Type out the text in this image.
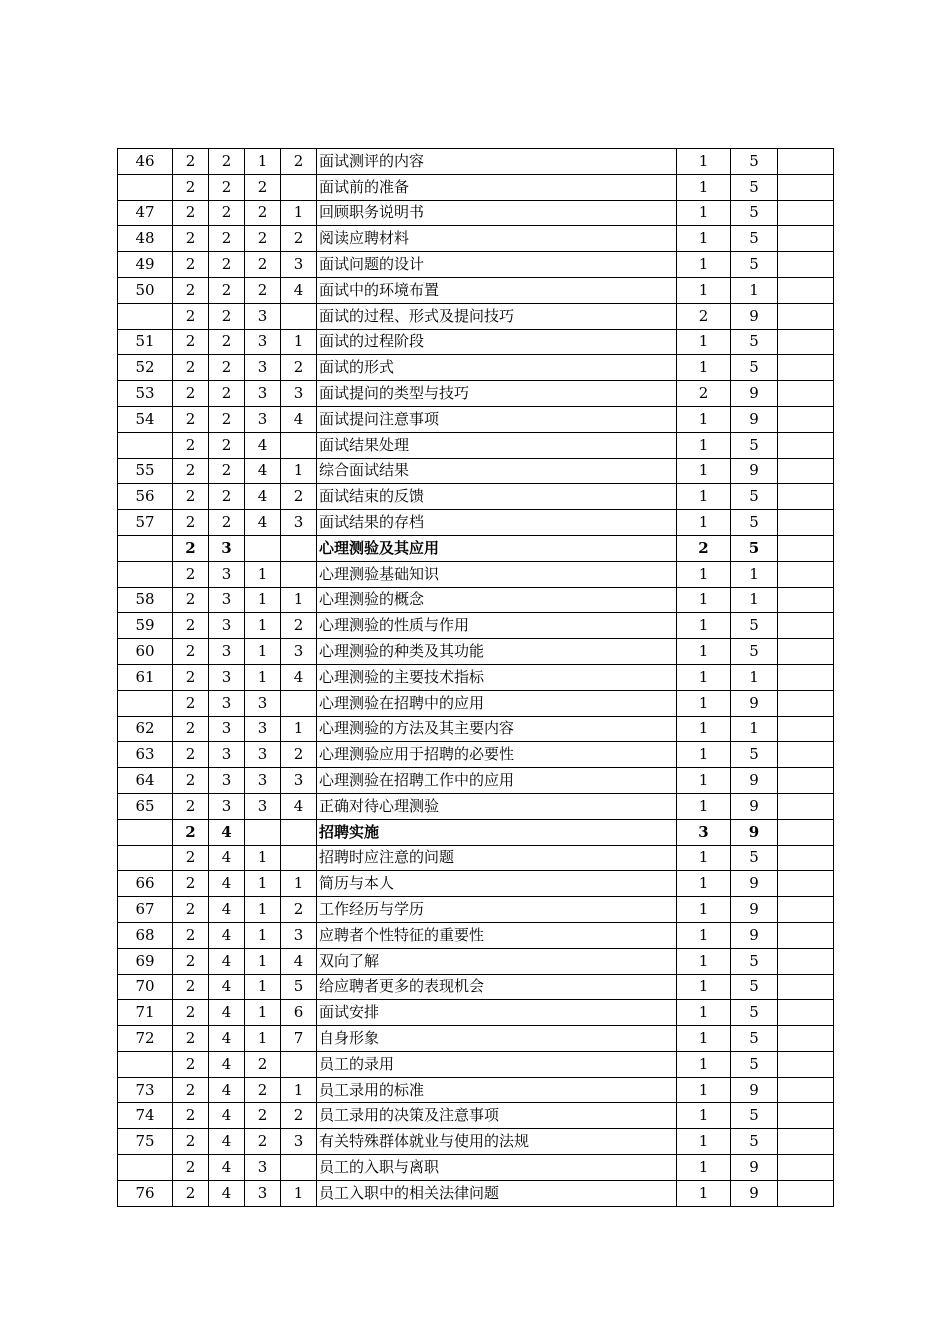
46	2	2	1	2	面试测评的内容	1	5	
	2	2	2		面试前的准备	1	5	
47	2	2	2	1	回顾职务说明书	1	5	
48	2	2	2	2	阅读应聘材料	1	5	
49	2	2	2	3	面试问题的设计	1	5	
50	2	2	2	4	面试中的环境布置	1	1	
	2	2	3		面试的过程、形式及提问技巧	2	9	
51	2	2	3	1	面试的过程阶段	1	5	
52	2	2	3	2	面试的形式	1	5	
53	2	2	3	3	面试提问的类型与技巧	2	9	
54	2	2	3	4	面试提问注意事项	1	9	
	2	2	4		面试结果处理	1	5	
55	2	2	4	1	综合面试结果	1	9	
56	2	2	4	2	面试结束的反馈	1	5	
57	2	2	4	3	面试结果的存档	1	5	
	2	3			心理测验及其应用	2	5	
	2	3	1		心理测验基础知识	1	1	
58	2	3	1	1	心理测验的概念	1	1	
59	2	3	1	2	心理测验的性质与作用	1	5	
60	2	3	1	3	心理测验的种类及其功能	1	5	
61	2	3	1	4	心理测验的主要技术指标	1	1	
	2	3	3		心理测验在招聘中的应用	1	9	
62	2	3	3	1	心理测验的方法及其主要内容	1	1	
63	2	3	3	2	心理测验应用于招聘的必要性	1	5	
64	2	3	3	3	心理测验在招聘工作中的应用	1	9	
65	2	3	3	4	正确对待心理测验	1	9	
	2	4			招聘实施	3	9	
	2	4	1		招聘时应注意的问题	1	5	
66	2	4	1	1	简历与本人	1	9	
67	2	4	1	2	工作经历与学历	1	9	
68	2	4	1	3	应聘者个性特征的重要性	1	9	
69	2	4	1	4	双向了解	1	5	
70	2	4	1	5	给应聘者更多的表现机会	1	5	
71	2	4	1	6	面试安排	1	5	
72	2	4	1	7	自身形象	1	5	
	2	4	2		员工的录用	1	5	
73	2	4	2	1	员工录用的标准	1	9	
74	2	4	2	2	员工录用的决策及注意事项	1	5	
75	2	4	2	3	有关特殊群体就业与使用的法规	1	5	
	2	4	3		员工的入职与离职	1	9	
76	2	4	3	1	员工入职中的相关法律问题	1	9	
